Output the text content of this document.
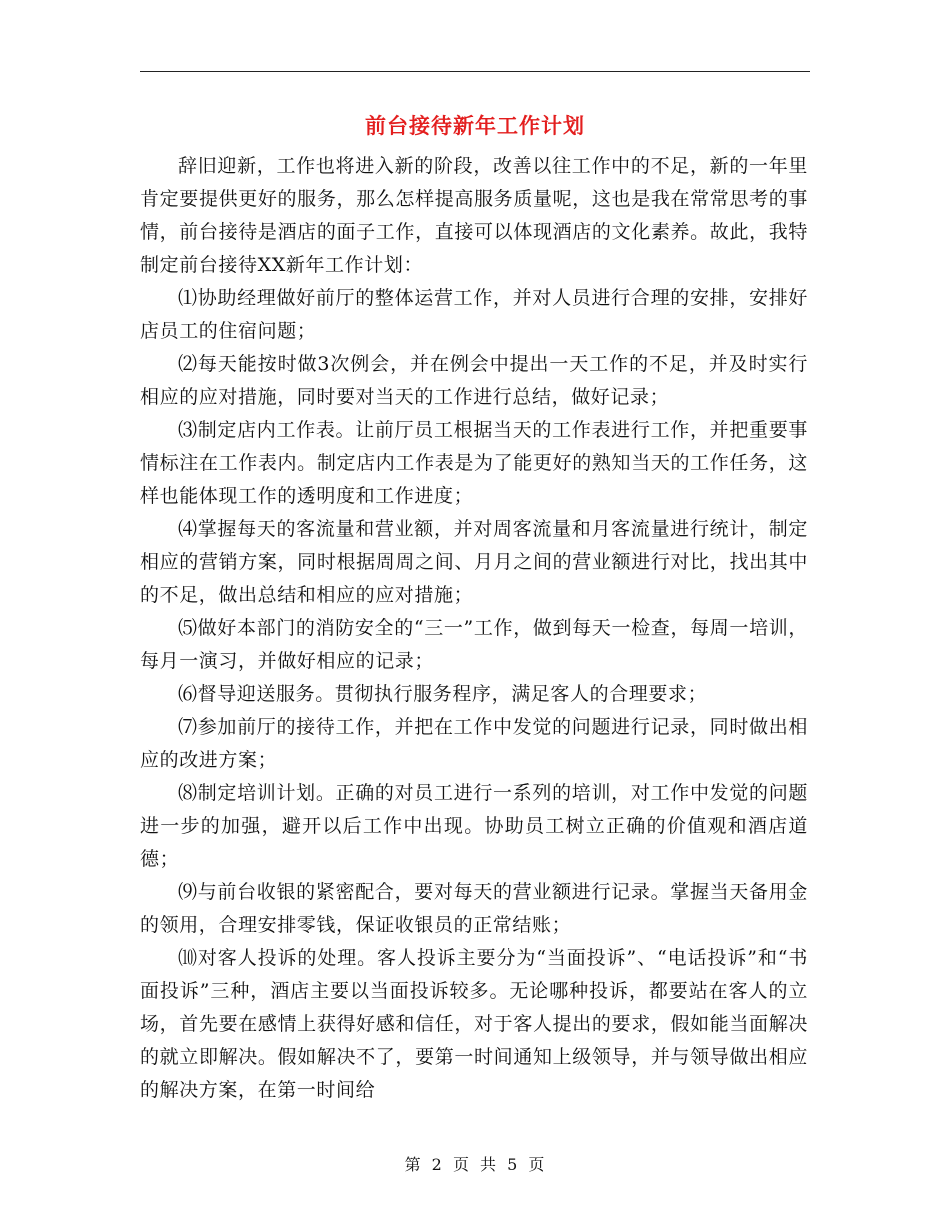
前台接待新年工作计划

辞旧迎新，工作也将进入新的阶段，改善以往工作中的不足，新的一年里肯定要提供更好的服务，那么怎样提高服务质量呢，这也是我在常常思考的事情，前台接待是酒店的面子工作，直接可以体现酒店的文化素养。故此，我特制定前台接待XX新年工作计划：

⑴协助经理做好前厅的整体运营工作，并对人员进行合理的安排，安排好店员工的住宿问题；

⑵每天能按时做3次例会，并在例会中提出一天工作的不足，并及时实行相应的应对措施，同时要对当天的工作进行总结，做好记录；

⑶制定店内工作表。让前厅员工根据当天的工作表进行工作，并把重要事情标注在工作表内。制定店内工作表是为了能更好的熟知当天的工作任务，这样也能体现工作的透明度和工作进度；

⑷掌握每天的客流量和营业额，并对周客流量和月客流量进行统计，制定相应的营销方案，同时根据周周之间、月月之间的营业额进行对比，找出其中的不足，做出总结和相应的应对措施；

⑸做好本部门的消防安全的“三一”工作，做到每天一检查，每周一培训，每月一演习，并做好相应的记录；

⑹督导迎送服务。贯彻执行服务程序，满足客人的合理要求；

⑺参加前厅的接待工作，并把在工作中发觉的问题进行记录，同时做出相应的改进方案；

⑻制定培训计划。正确的对员工进行一系列的培训，对工作中发觉的问题进一步的加强，避开以后工作中出现。协助员工树立正确的价值观和酒店道德；

⑼与前台收银的紧密配合，要对每天的营业额进行记录。掌握当天备用金的领用，合理安排零钱，保证收银员的正常结账；

⑽对客人投诉的处理。客人投诉主要分为“当面投诉”、“电话投诉”和“书面投诉”三种，酒店主要以当面投诉较多。无论哪种投诉，都要站在客人的立场，首先要在感情上获得好感和信任，对于客人提出的要求，假如能当面解决的就立即解决。假如解决不了，要第一时间通知上级领导，并与领导做出相应的解决方案，在第一时间给

第 2 页 共 5 页
